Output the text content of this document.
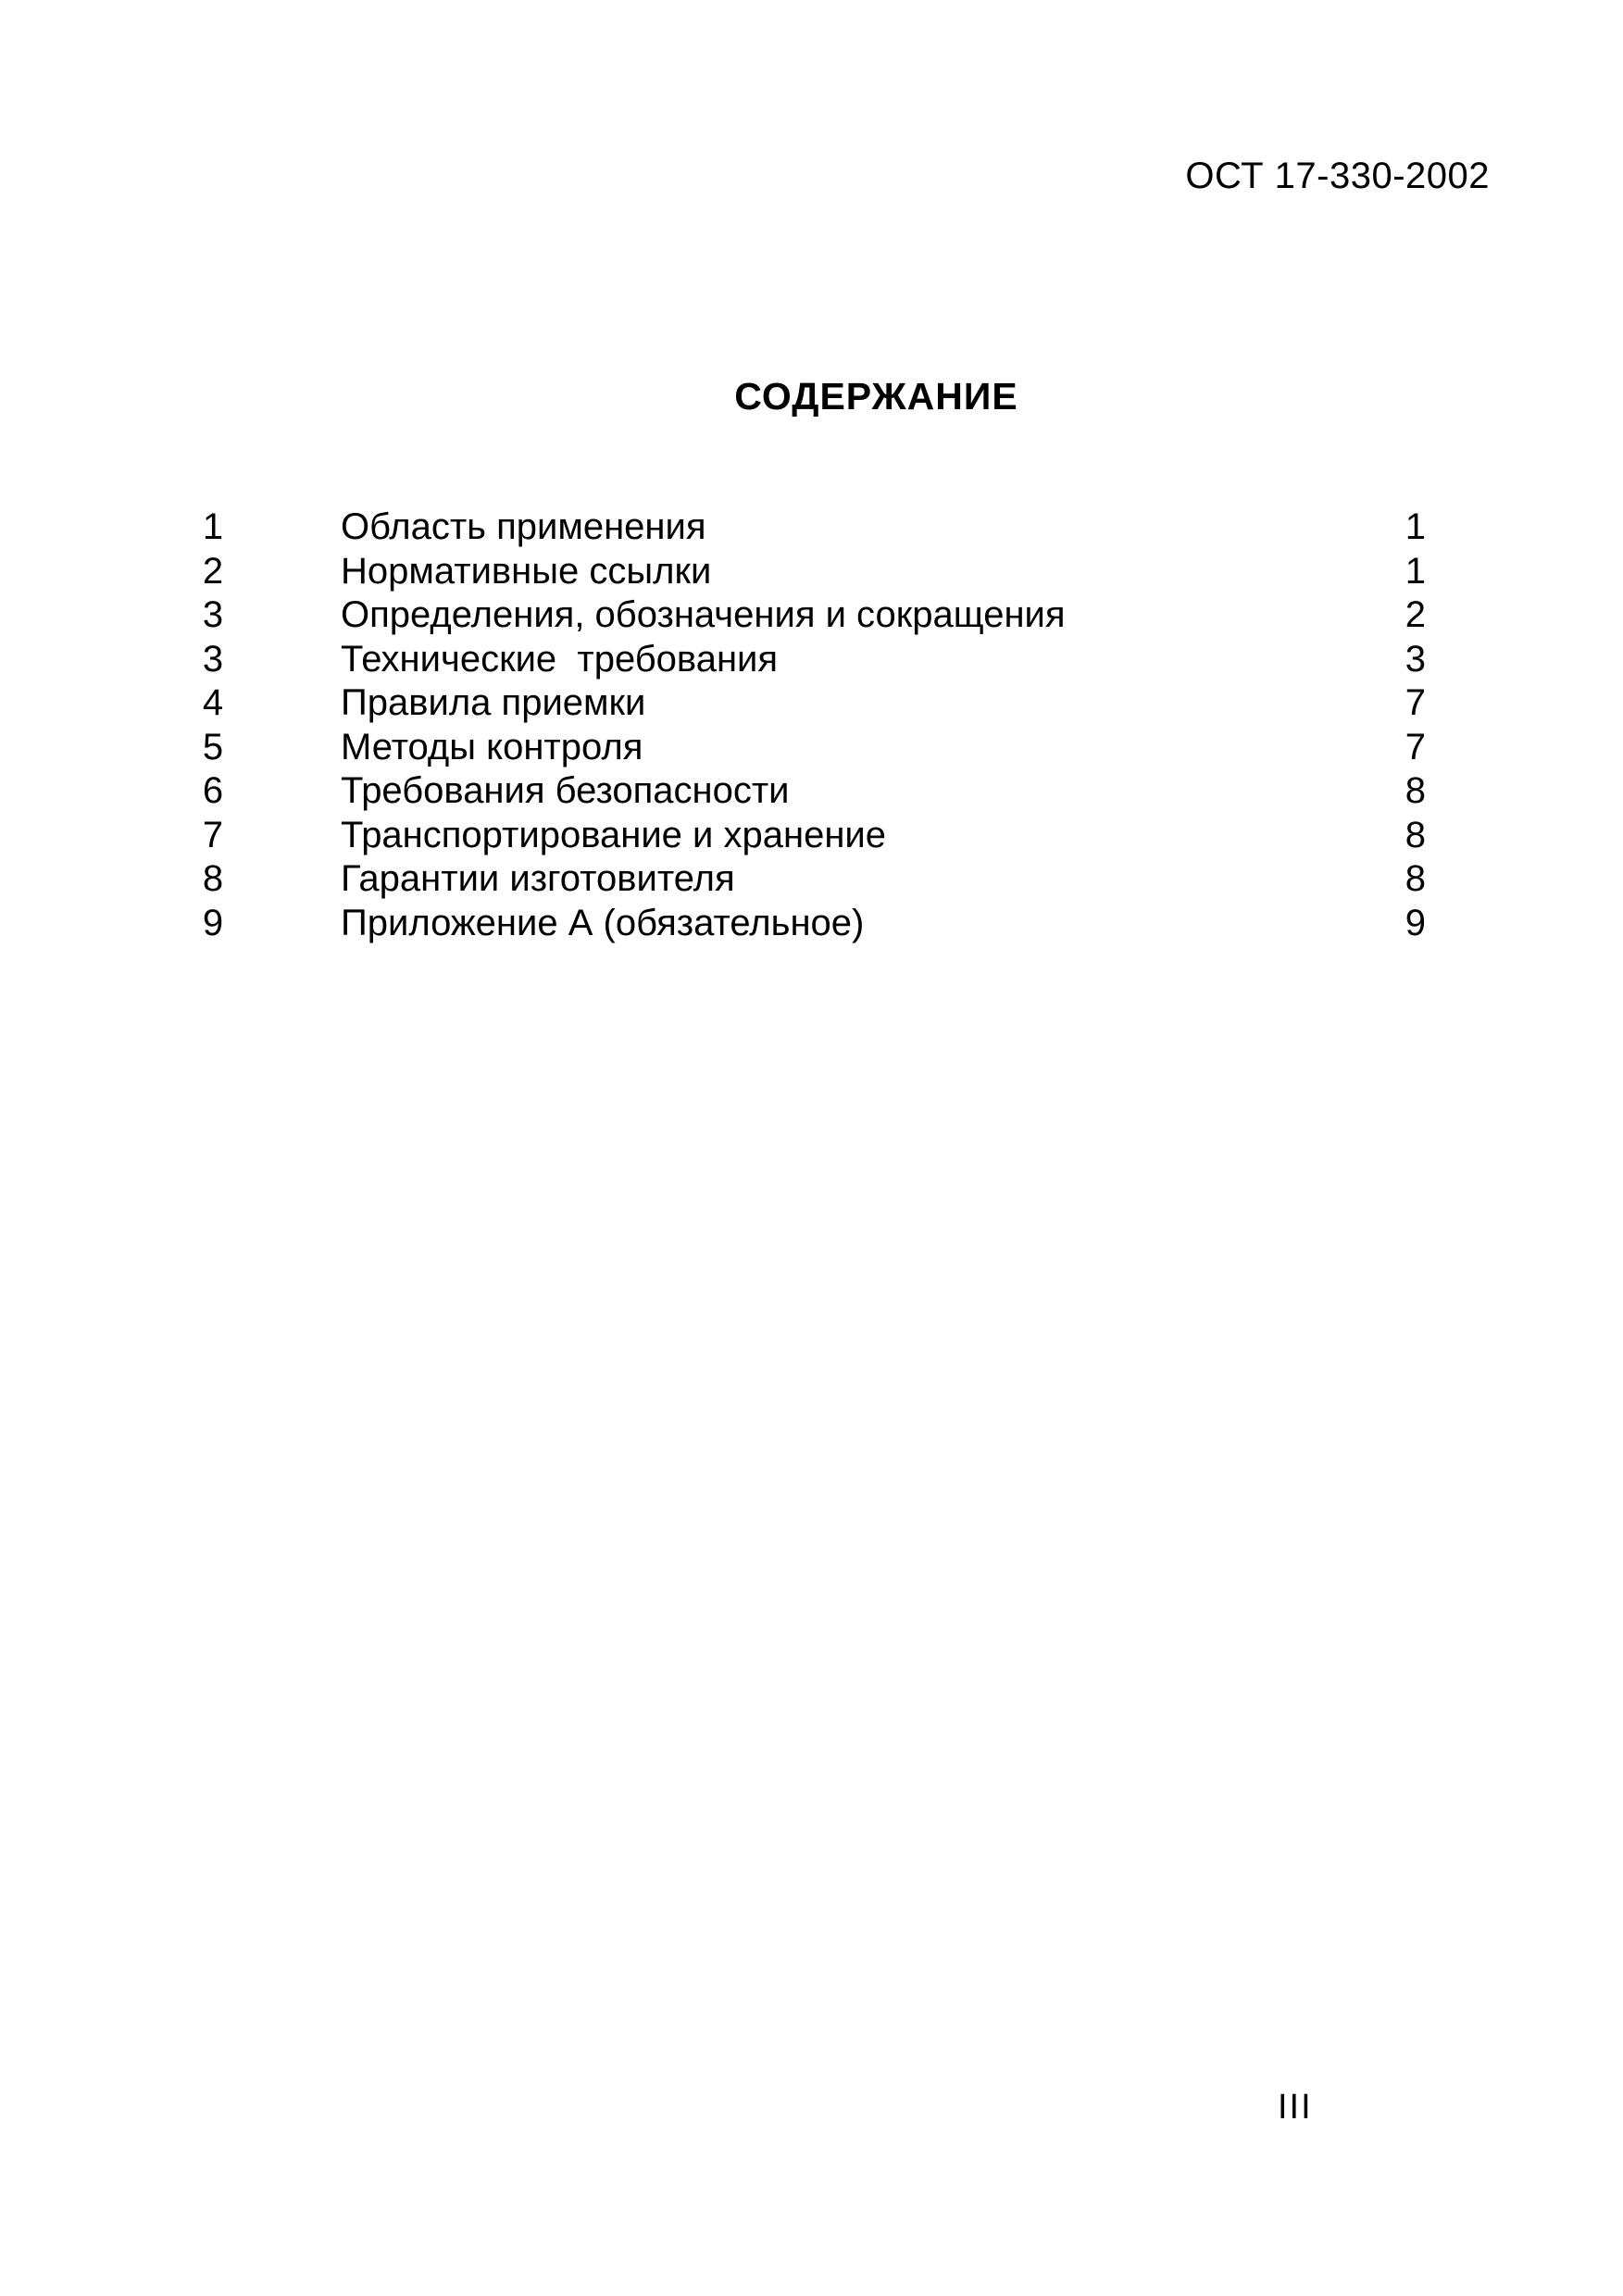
ОСТ 17-330-2002
СОДЕРЖАНИЕ
1	Область применения	1
2	Нормативные ссылки	1
3	Определения, обозначения и сокращения	2
3	Технические  требования	3
4	Правила приемки	7
5	Методы контроля	7
6	Требования безопасности	8
7	Транспортирование и хранение	8
8	Гарантии изготовителя	8
9	Приложение А (обязательное)	9
III
